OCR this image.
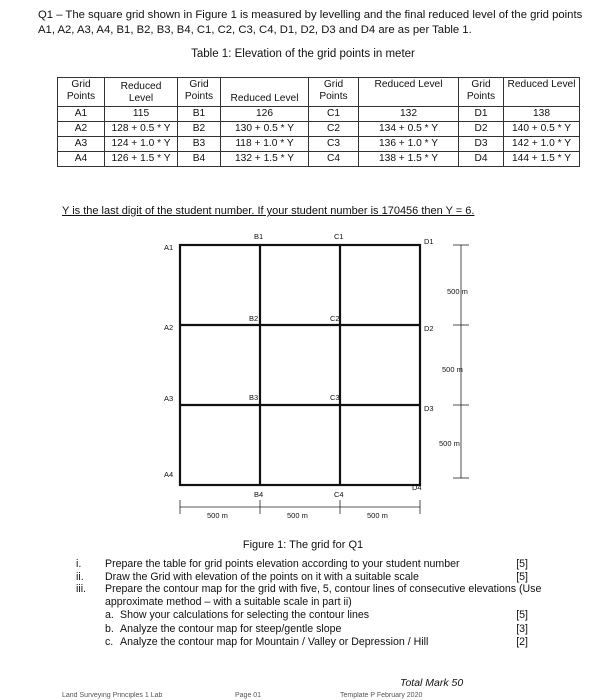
Q1 – The square grid shown in Figure 1 is measured by levelling and the final reduced level of the grid points A1, A2, A3, A4, B1, B2, B3, B4, C1, C2, C3, C4, D1, D2, D3 and D4 are as per Table 1.
Table 1: Elevation of the grid points in meter
Grid Points	Reduced Level	Grid Points	Reduced Level	Grid Points	Reduced Level	Grid Points	Reduced Level
A1	115	B1	126	C1	132	D1	138
A2	128 + 0.5 * Y	B2	130 + 0.5 * Y	C2	134 + 0.5 * Y	D2	140 + 0.5 * Y
A3	124 + 1.0 * Y	B3	118 + 1.0 * Y	C3	136 + 1.0 * Y	D3	142 + 1.0 * Y
A4	126 + 1.5 * Y	B4	132 + 1.5 * Y	C4	138 + 1.5 * Y	D4	144 + 1.5 * Y
Y is the last digit of the student number. If your student number is 170456 then Y = 6.
A1
A2
A3
A4
B1
B2
B3
B4
C1
C2
C3
C4
D1
D2
D3
D4
500 m
500 m
500 m
500 m	500 m	500 m
Figure 1: The grid for Q1
i. Prepare the table for grid points elevation according to your student number	[5]
ii. Draw the Grid with elevation of the points on it with a suitable scale	[5]
iii. Prepare the contour map for the grid with five, 5, contour lines of consecutive elevations (Use approximate method – with a suitable scale in part ii)
a. Show your calculations for selecting the contour lines	[5]
b. Analyze the contour map for steep/gentle slope	[3]
c. Analyze the contour map for Mountain / Valley or Depression / Hill	[2]
Total Mark 50
Land Surveying Principles 1 Lab	Page 01	Template P February 2020
